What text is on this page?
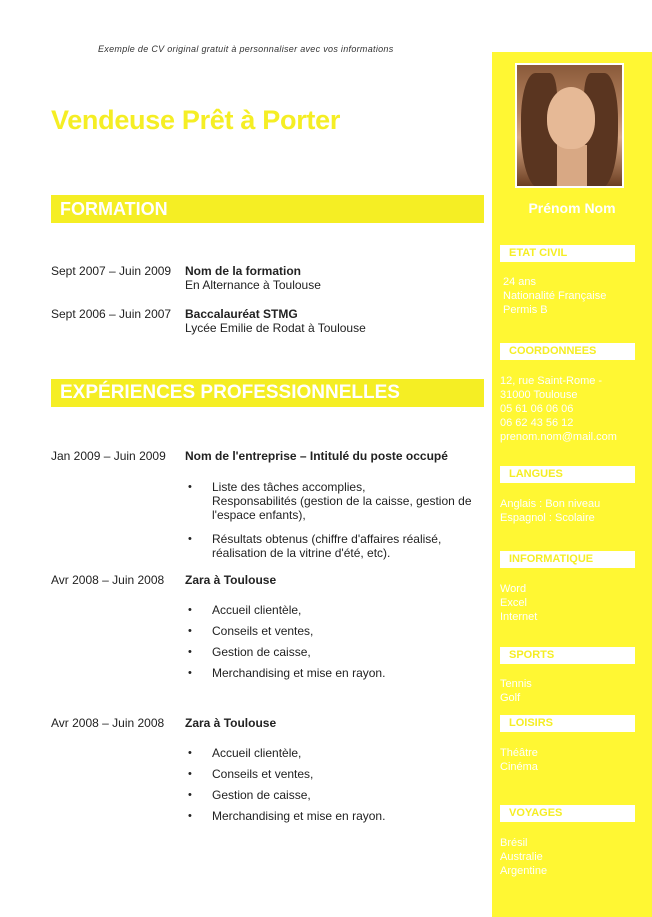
Exemple de CV original gratuit à personnaliser avec vos informations
Vendeuse Prêt à Porter
FORMATION
Sept 2007 – Juin 2009 Nom de la formation
En Alternance à Toulouse
Sept 2006 – Juin 2007 Baccalauréat STMG
Lycée Emilie de Rodat à Toulouse
EXPÉRIENCES PROFESSIONNELLES
Jan 2009 – Juin 2009 Nom de l'entreprise – Intitulé du poste occupé
• Liste des tâches accomplies,
Responsabilités (gestion de la caisse, gestion de
l'espace enfants),
• Résultats obtenus (chiffre d'affaires réalisé,
réalisation de la vitrine d'été, etc).
Avr 2008 – Juin 2008 Zara à Toulouse
• Accueil clientèle,
• Conseils et ventes,
• Gestion de caisse,
• Merchandising et mise en rayon.
Avr 2008 – Juin 2008 Zara à Toulouse
• Accueil clientèle,
• Conseils et ventes,
• Gestion de caisse,
• Merchandising et mise en rayon.
Prénom Nom
ETAT CIVIL
24 ans
Nationalité Française
Permis B
COORDONNEES
12, rue Saint-Rome -
31000 Toulouse
05 61 06 06 06
06 62 43 56 12
prenom.nom@mail.com
LANGUES
Anglais : Bon niveau
Espagnol : Scolaire
INFORMATIQUE
Word
Excel
Internet
SPORTS
Tennis
Golf
LOISIRS
Théâtre
Cinéma
VOYAGES
Brésil
Australie
Argentine
